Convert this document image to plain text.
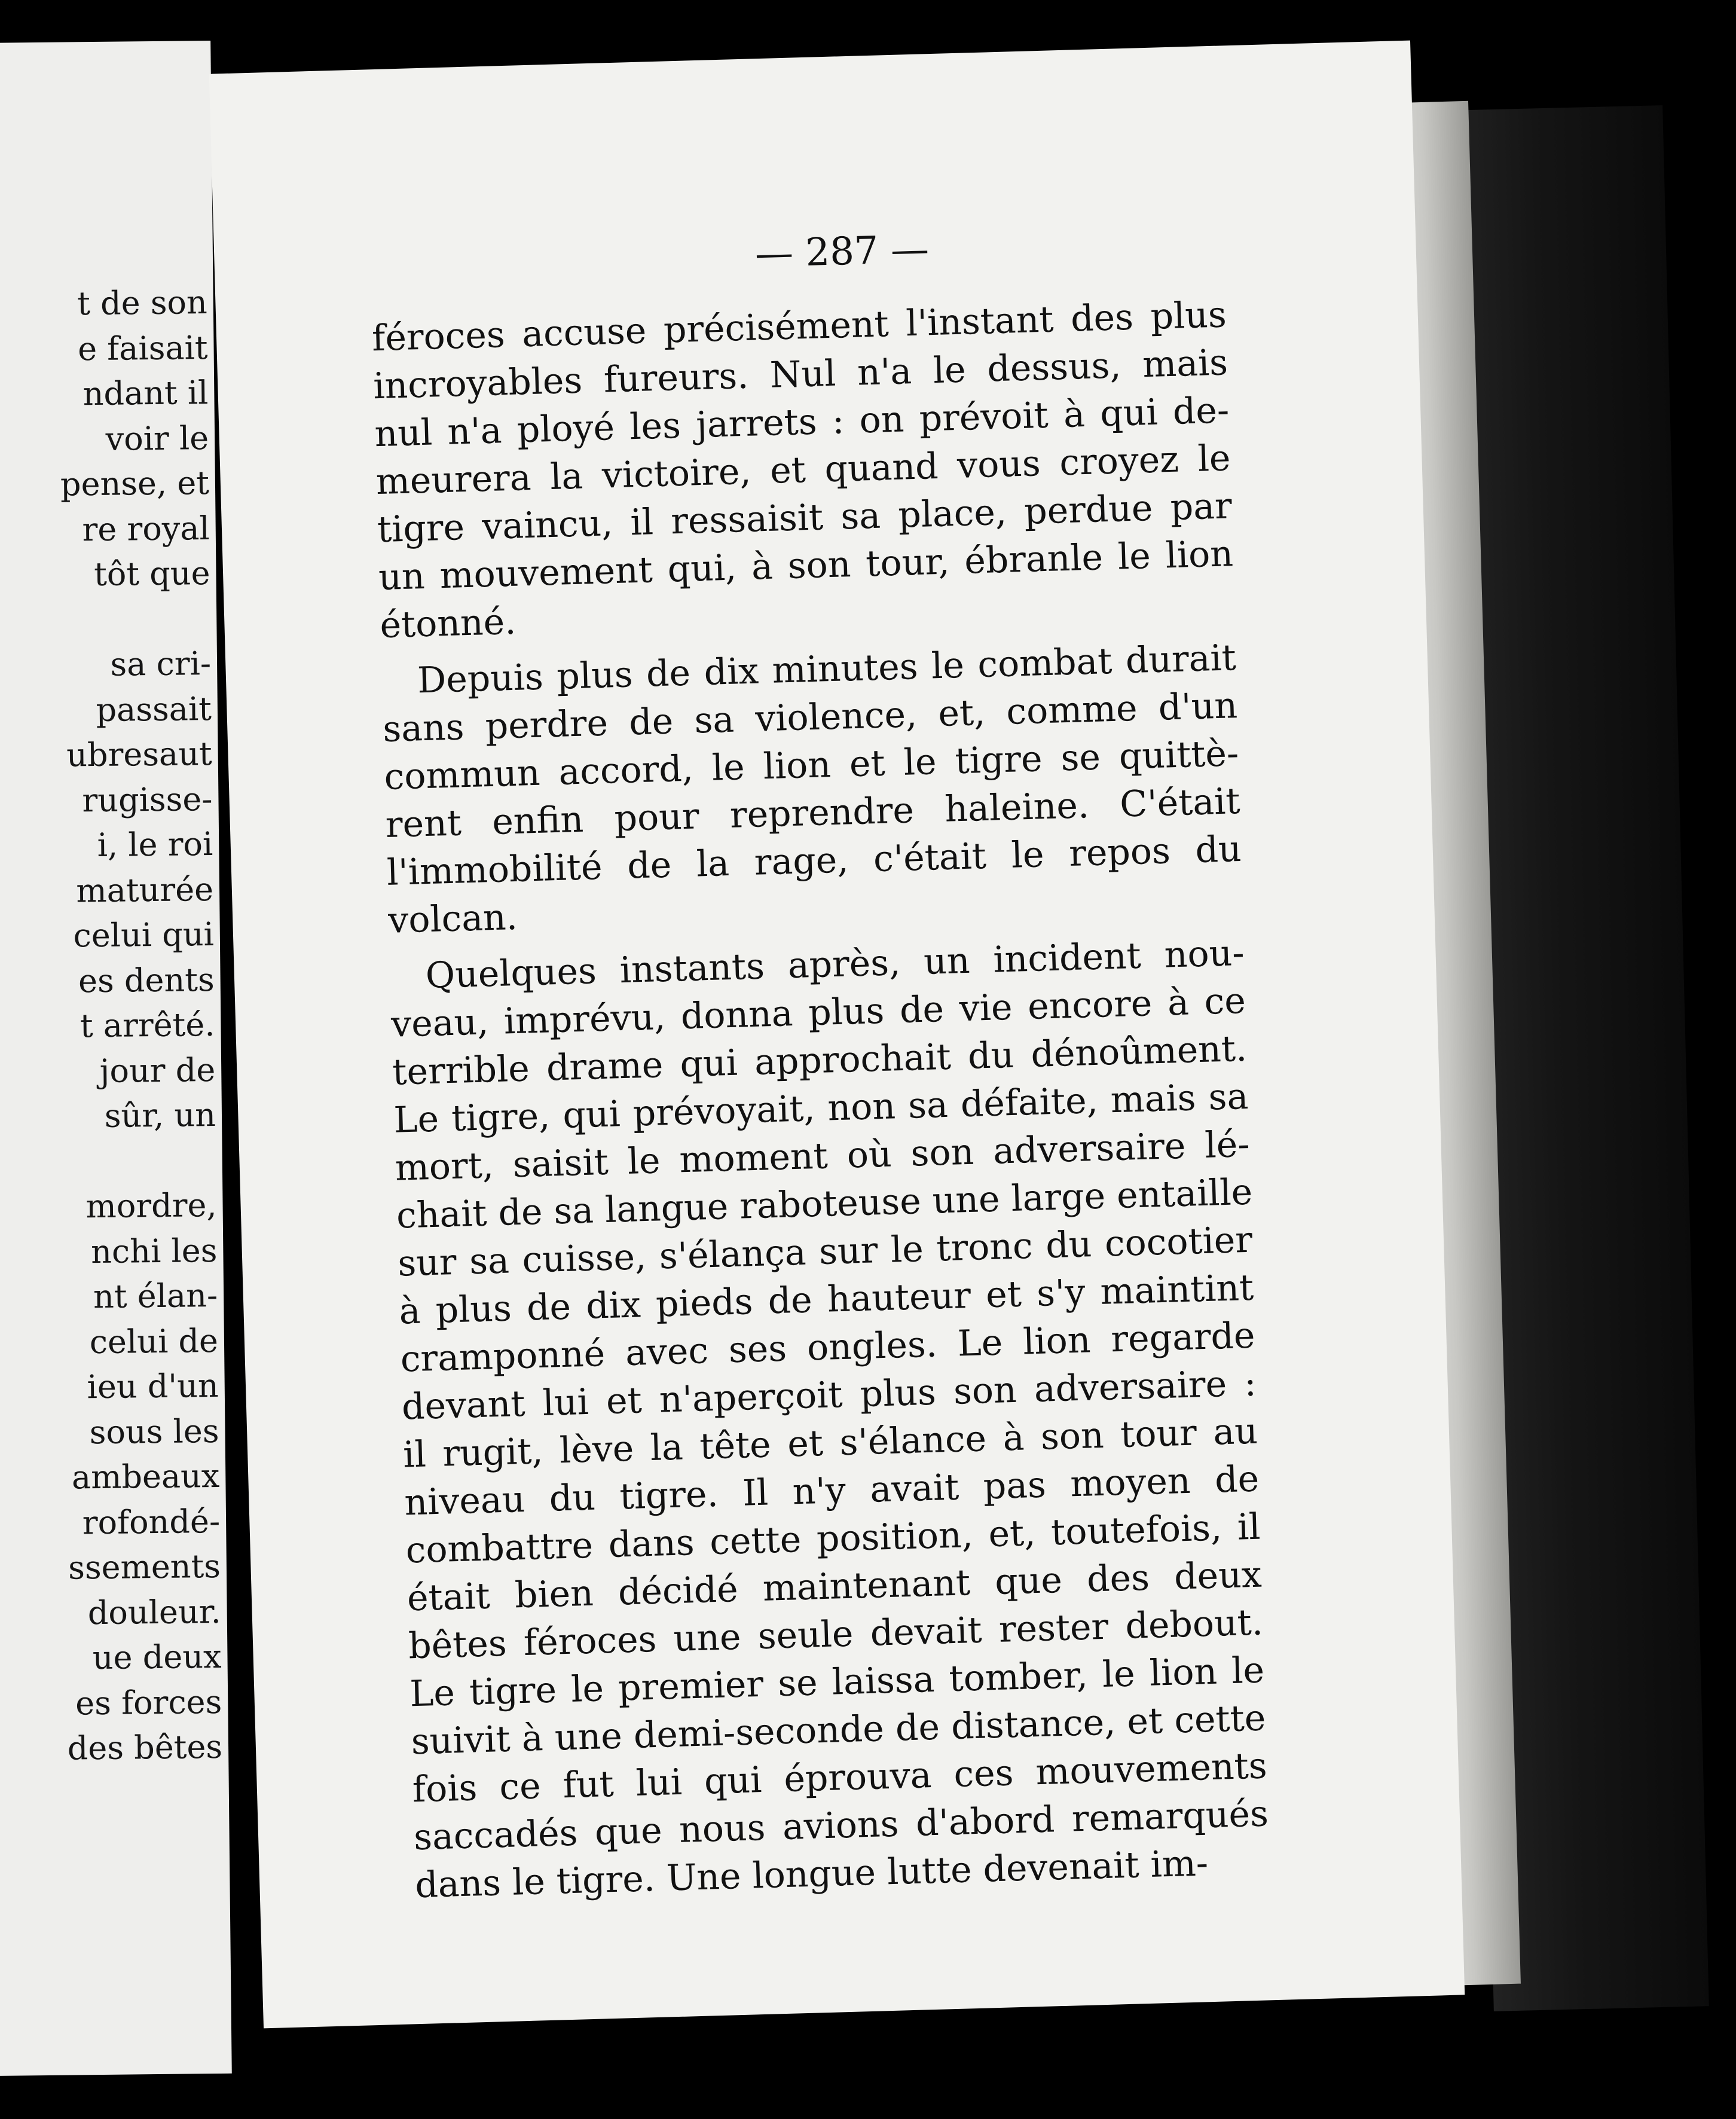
t de son
e faisait
ndant il
voir le
pense, et
re royal
tôt que
sa cri-
passait
ubresaut
rugisse-
i, le roi
maturée
celui qui
es dents
t arrêté.
jour de
sûr, un
mordre,
nchi les
nt élan-
celui de
ieu d'un
sous les
ambeaux
rofondé-
ssements
douleur.
ue deux
es forces
des bêtes
— 287 —
féroces accuse précisément l'instant des plus
incroyables fureurs. Nul n'a le dessus, mais
nul n'a ployé les jarrets : on prévoit à qui de-
meurera la victoire, et quand vous croyez le
tigre vaincu, il ressaisit sa place, perdue par
un mouvement qui, à son tour, ébranle le lion
étonné.
Depuis plus de dix minutes le combat durait
sans perdre de sa violence, et, comme d'un
commun accord, le lion et le tigre se quittè-
rent enfin pour reprendre haleine. C'était
l'immobilité de la rage, c'était le repos du
volcan.
Quelques instants après, un incident nou-
veau, imprévu, donna plus de vie encore à ce
terrible drame qui approchait du dénoûment.
Le tigre, qui prévoyait, non sa défaite, mais sa
mort, saisit le moment où son adversaire lé-
chait de sa langue raboteuse une large entaille
sur sa cuisse, s'élança sur le tronc du cocotier
à plus de dix pieds de hauteur et s'y maintint
cramponné avec ses ongles. Le lion regarde
devant lui et n'aperçoit plus son adversaire :
il rugit, lève la tête et s'élance à son tour au
niveau du tigre. Il n'y avait pas moyen de
combattre dans cette position, et, toutefois, il
était bien décidé maintenant que des deux
bêtes féroces une seule devait rester debout.
Le tigre le premier se laissa tomber, le lion le
suivit à une demi-seconde de distance, et cette
fois ce fut lui qui éprouva ces mouvements
saccadés que nous avions d'abord remarqués
dans le tigre. Une longue lutte devenait im-
